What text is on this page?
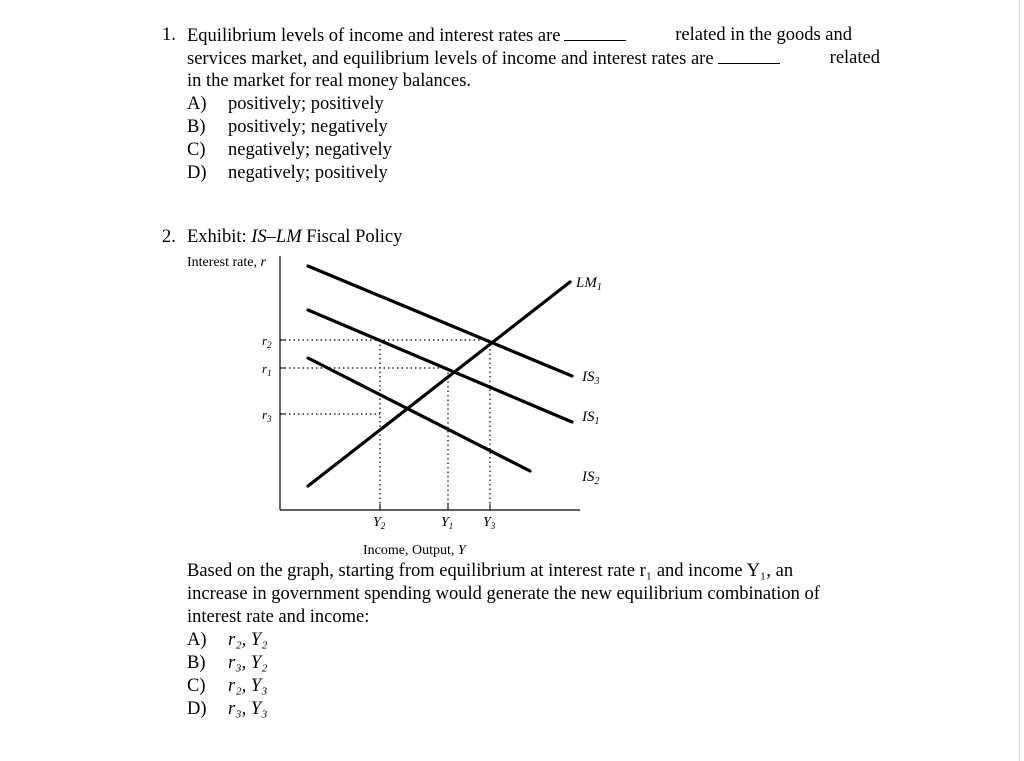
1. Equilibrium levels of income and interest rates are	related in the goods and
services market, and equilibrium levels of income and interest rates are	related
in the market for real money balances.
A) positively; positively
B) positively; negatively
C) negatively; negatively
D) negatively; positively
2. Exhibit: IS–LM Fiscal Policy
Interest rate, r
$r_2$
$r_1$
$r_3$
$Y_2$	$Y_1$ $Y_3$
$LM_1$
$IS_3$
$IS_1$
$IS_2$
Income, Output, Y
Based on the graph, starting from equilibrium at interest rate r₁ and income Y₁, an
increase in government spending would generate the new equilibrium combination of
interest rate and income:
A) r₂, Y₂
B) r₃, Y₂
C) r₂, Y₃
D) r₃, Y₃
